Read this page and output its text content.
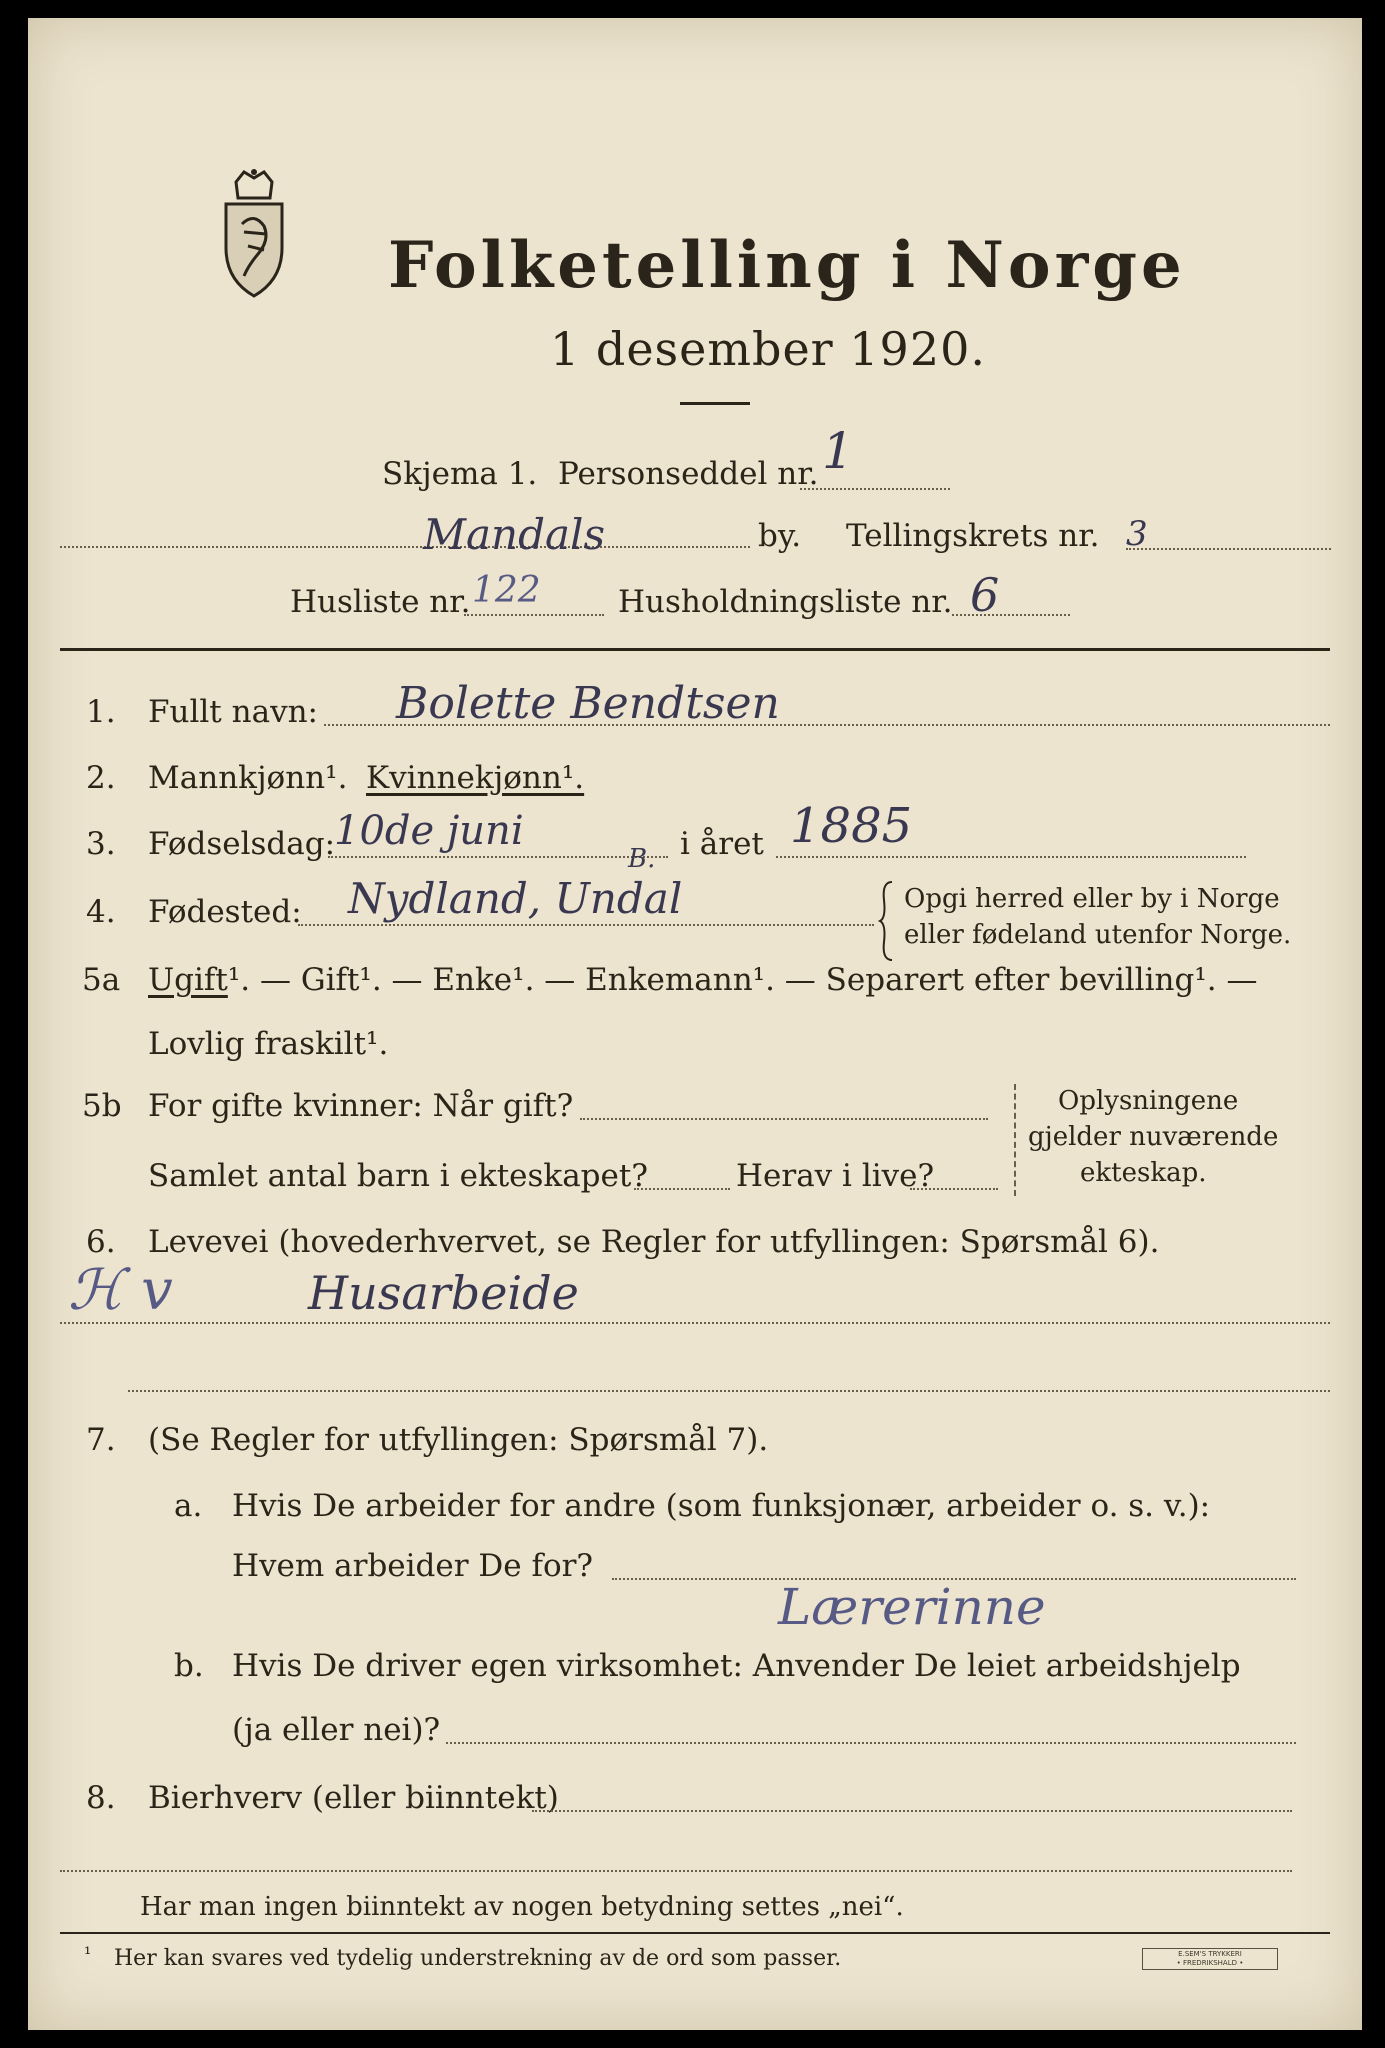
Folketelling i Norge
1 desember 1920.
Skjema 1. Personseddel nr. 1
Mandals	by. Tellingskrets nr. 3
Husliste nr. 122 Husholdningsliste nr. 6
1. Fullt navn: Bolette Bendtsen
2. Mannkjønn¹. Kvinnekjønn¹.
3. Fødselsdag:
10de juni	i året 1885
4. Fødested: Nydland, Undal
B.
Opgi herred eller by i Norge
eller fødeland utenfor Norge.
5a Ugift¹. — Gift¹. — Enke¹. — Enkemann¹. — Separert efter bevilling¹. —
Lovlig fraskilt¹.
5b For gifte kvinner: Når gift?
Samlet antal barn i ekteskapet?	Herav i live?
Oplysningene
gjelder nuværende
ekteskap.
6. Levevei (hovederhvervet, se Regler for utfyllingen: Spørsmål 6).
ℋ v	Husarbeide
7. (Se Regler for utfyllingen: Spørsmål 7).
a. Hvis De arbeider for andre (som funksjonær, arbeider o. s. v.):
Hvem arbeider De for?
Lærerinne
b. Hvis De driver egen virksomhet: Anvender De leiet arbeidshjelp
(ja eller nei)?
8. Bierhverv (eller biinntekt)
Har man ingen biinntekt av nogen betydning settes „nei“.
¹ Her kan svares ved tydelig understrekning av de ord som passer.	E.SEM'S TRYKKERI
• FREDRIKSHALD •
